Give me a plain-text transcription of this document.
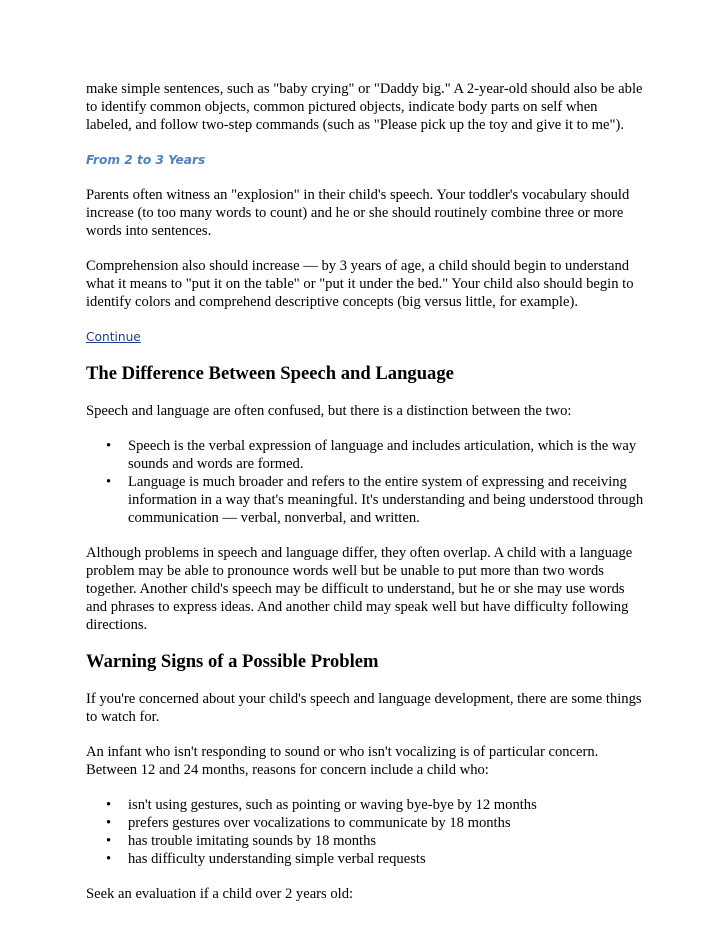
make simple sentences, such as "baby crying" or "Daddy big." A 2-year-old should also be able to identify common objects, common pictured objects, indicate body parts on self when labeled, and follow two-step commands (such as "Please pick up the toy and give it to me").

From 2 to 3 Years

Parents often witness an "explosion" in their child's speech. Your toddler's vocabulary should increase (to too many words to count) and he or she should routinely combine three or more words into sentences.

Comprehension also should increase — by 3 years of age, a child should begin to understand what it means to "put it on the table" or "put it under the bed." Your child also should begin to identify colors and comprehend descriptive concepts (big versus little, for example).

Continue
The Difference Between Speech and Language

Speech and language are often confused, but there is a distinction between the two:

• Speech is the verbal expression of language and includes articulation, which is the way sounds and words are formed.
• Language is much broader and refers to the entire system of expressing and receiving information in a way that's meaningful. It's understanding and being understood through communication — verbal, nonverbal, and written.

Although problems in speech and language differ, they often overlap. A child with a language problem may be able to pronounce words well but be unable to put more than two words together. Another child's speech may be difficult to understand, but he or she may use words and phrases to express ideas. And another child may speak well but have difficulty following directions.

Warning Signs of a Possible Problem

If you're concerned about your child's speech and language development, there are some things to watch for.

An infant who isn't responding to sound or who isn't vocalizing is of particular concern. Between 12 and 24 months, reasons for concern include a child who:

• isn't using gestures, such as pointing or waving bye-bye by 12 months
• prefers gestures over vocalizations to communicate by 18 months
• has trouble imitating sounds by 18 months
• has difficulty understanding simple verbal requests

Seek an evaluation if a child over 2 years old:
